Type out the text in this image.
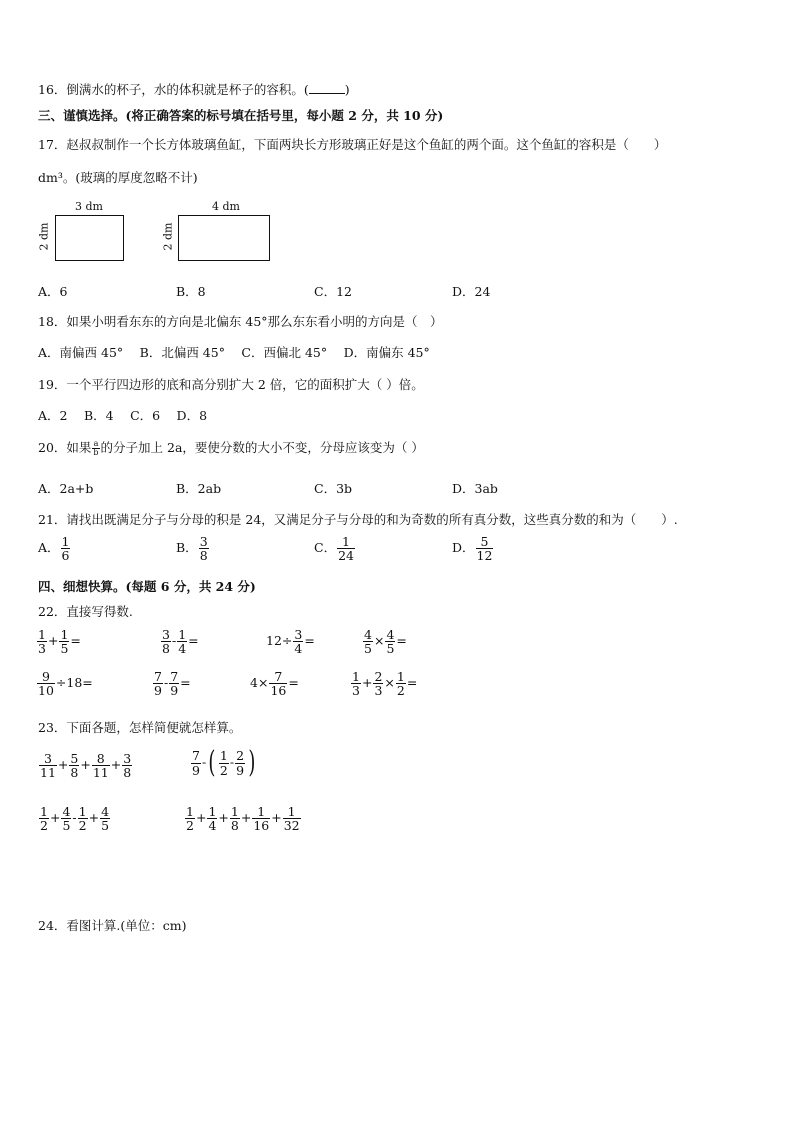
16．倒满水的杯子，水的体积就是杯子的容积。(	)
三、谨慎选择。(将正确答案的标号填在括号里，每小题 2 分，共 10 分)
17．赵叔叔制作一个长方体玻璃鱼缸，下面两块长方形玻璃正好是这个鱼缸的两个面。这个鱼缸的容积是（　　）
dm³。(玻璃的厚度忽略不计)
3 dm
2 dm
4 dm
2 dm
A．6	B．8	C．12	D．24
18．如果小明看东东的方向是北偏东 45°那么东东看小明的方向是（　）
A．南偏西 45°　 B．北偏西 45°　 C．西偏北 45°　 D．南偏东 45°
19．一个平行四边形的底和高分别扩大 2 倍，它的面积扩大（ ）倍。
A．2　 B．4　 C．6　 D．8
20．如果 $\frac{a}{b}$ 的分子加上 2a，要使分数的大小不变，分母应该变为（ ）
A．2a+b	B．2ab	C．3b	D．3ab
21．请找出既满足分子与分母的积是 24，又满足分子与分母的和为奇数的所有真分数，这些真分数的和为（　　）.
A． $\frac{1}{6}$	B． $\frac{3}{8}$	C． $\frac{1}{24}$	D． $\frac{5}{12}$
四、细想快算。(每题 6 分，共 24 分)
22．直接写得数.
$\frac{1}{3} + \frac{1}{5}$ =	$\frac{3}{8} - \frac{1}{4}$ =	$12\div \frac{3}{4}$ =	$\frac{4}{5} \times \frac{4}{5}$ =
$\frac{9}{10} \div 18=$	$\frac{7}{9} - \frac{7}{9}$ =	$4\times \frac{7}{16}$ =	$\frac{1}{3} + \frac{2}{3} \times \frac{1}{2}$ =
23．下面各题，怎样简便就怎样算。
$\frac{3}{11} + \frac{5}{8} + \frac{8}{11} + \frac{3}{8}$	$\frac{7}{9}$ -( $\frac{1}{2} - \frac{2}{9}$ )
$\frac{1}{2} + \frac{4}{5} - \frac{1}{2} + \frac{4}{5}$	$\frac{1}{2} + \frac{1}{4} + \frac{1}{8} + \frac{1}{16} + \frac{1}{32}$
24．看图计算.(单位：cm)
